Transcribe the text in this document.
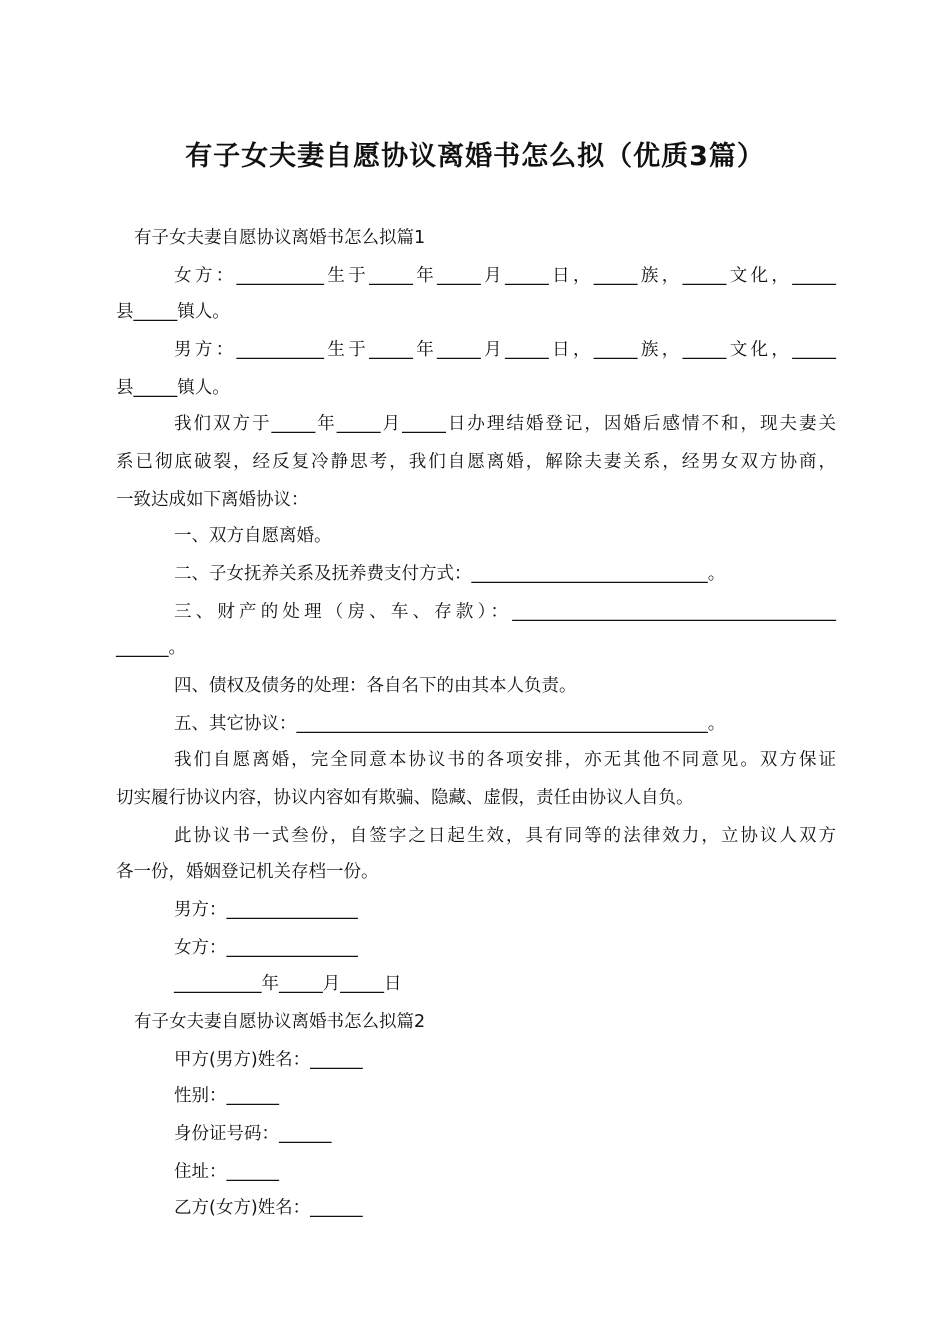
有子女夫妻自愿协议离婚书怎么拟（优质3篇）
有子女夫妻自愿协议离婚书怎么拟篇1
女方：__________生于_____年_____月_____日，_____族，_____文化，_____
县_____镇人。
男方：__________生于_____年_____月_____日，_____族，_____文化，_____
县_____镇人。
我们双方于_____年_____月_____日办理结婚登记，因婚后感情不和，现夫妻关
系已彻底破裂，经反复冷静思考，我们自愿离婚，解除夫妻关系，经男女双方协商，
一致达成如下离婚协议：
一、双方自愿离婚。
二、子女抚养关系及抚养费支付方式：___________________________。
三、财产的处理（房、车、存款）：_____________________________________
______。
四、债权及债务的处理：各自名下的由其本人负责。
五、其它协议：_______________________________________________。
我们自愿离婚，完全同意本协议书的各项安排，亦无其他不同意见。双方保证
切实履行协议内容，协议内容如有欺骗、隐藏、虚假，责任由协议人自负。
此协议书一式叁份，自签字之日起生效，具有同等的法律效力，立协议人双方
各一份，婚姻登记机关存档一份。
男方：_______________
女方：_______________
__________年_____月_____日
有子女夫妻自愿协议离婚书怎么拟篇2
甲方(男方)姓名：______
性别：______
身份证号码：______
住址：______
乙方(女方)姓名：______
